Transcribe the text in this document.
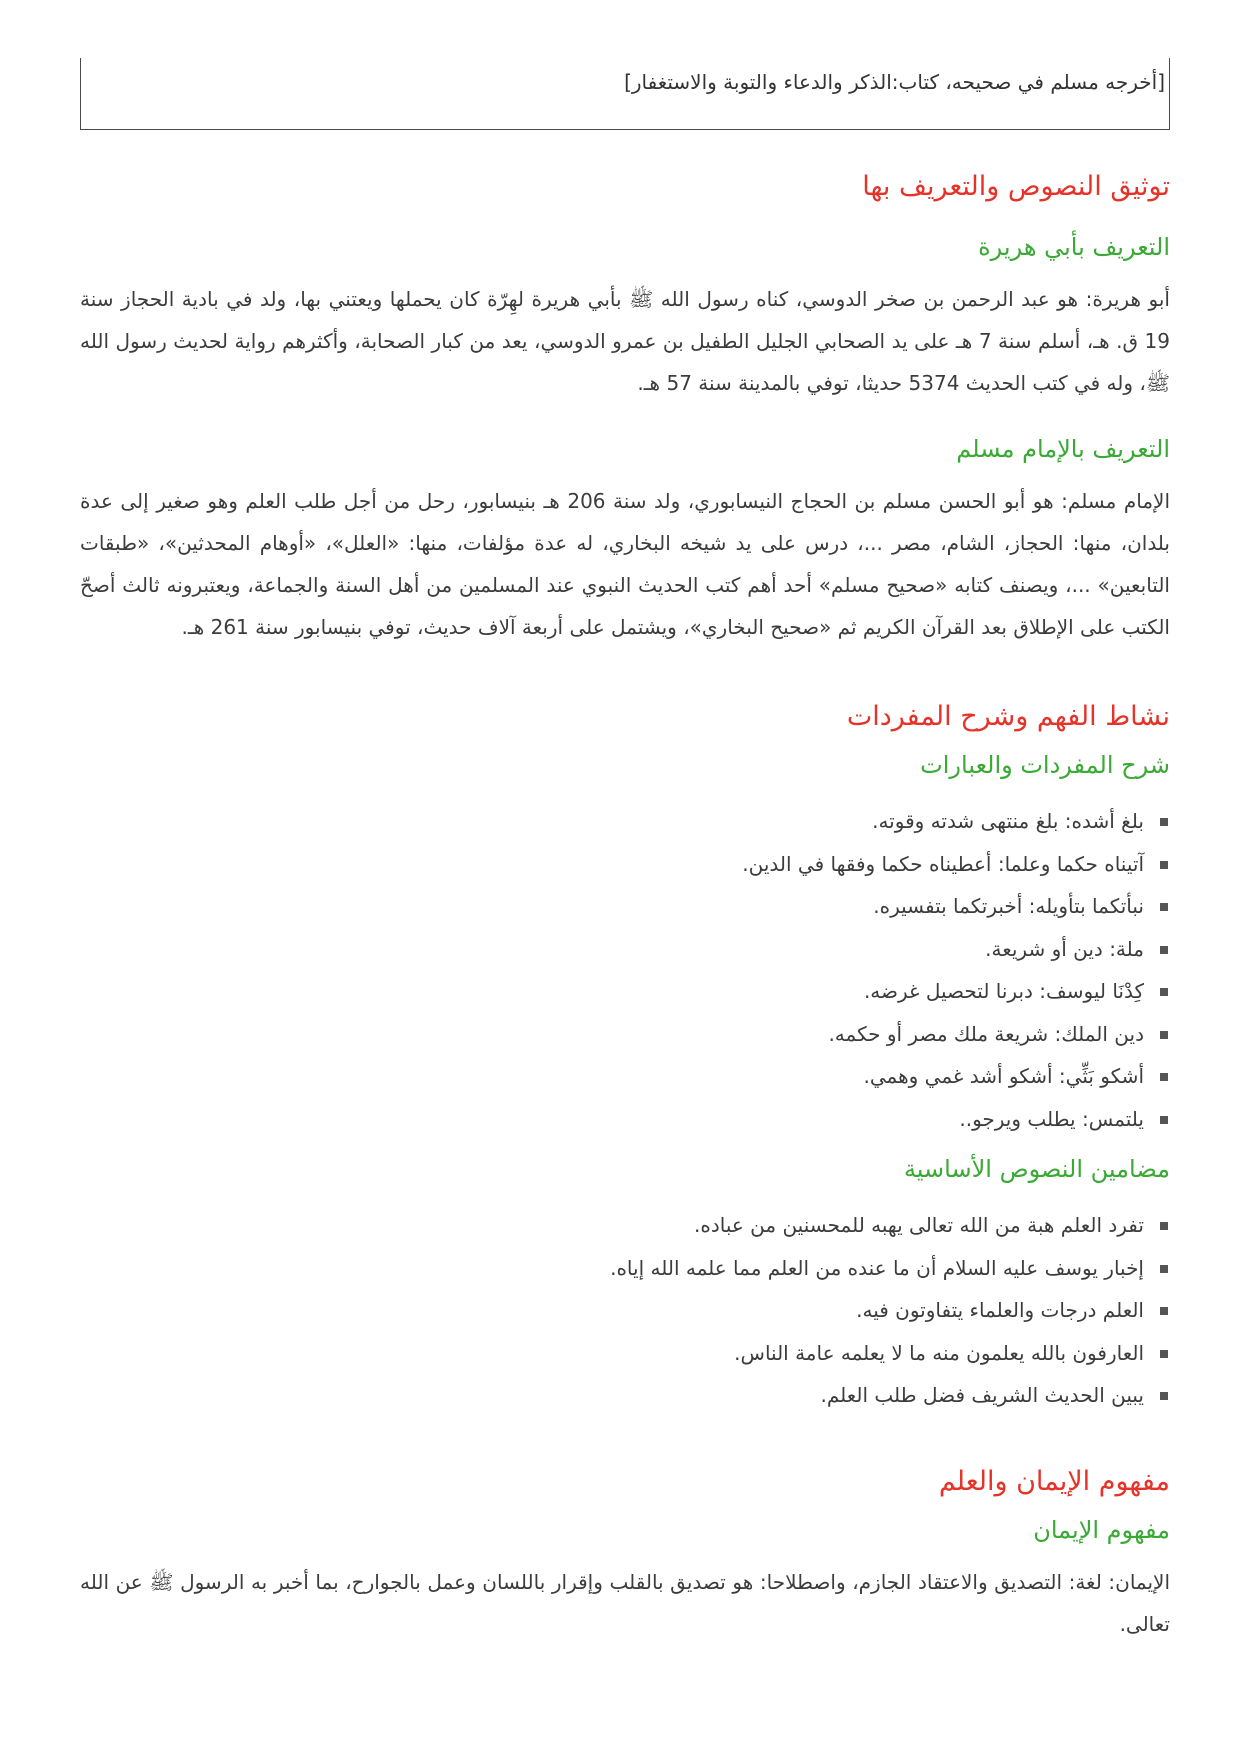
[أخرجه مسلم في صحيحه، كتاب:الذكر والدعاء والتوبة والاستغفار]
توثيق النصوص والتعريف بها
التعريف بأبي هريرة

أبو هريرة: هو عبد الرحمن بن صخر الدوسي، كناه رسول الله ﷺ بأبي هريرة لهِرّة كان يحملها ويعتني بها، ولد في بادية الحجاز سنة 19 ق. هـ، أسلم سنة 7 هـ على يد الصحابي الجليل الطفيل بن عمرو الدوسي، يعد من كبار الصحابة، وأكثرهم رواية لحديث رسول الله ﷺ، وله في كتب الحديث 5374 حديثا، توفي بالمدينة سنة 57 هـ.

التعريف بالإمام مسلم

الإمام مسلم: هو أبو الحسن مسلم بن الحجاج النيسابوري، ولد سنة 206 هـ بنيسابور، رحل من أجل طلب العلم وهو صغير إلى عدة بلدان، منها: الحجاز، الشام، مصر ...، درس على يد شيخه البخاري، له عدة مؤلفات، منها: «العلل»، «أوهام المحدثين»، «طبقات التابعين» ...، ويصنف كتابه «صحيح مسلم» أحد أهم كتب الحديث النبوي عند المسلمين من أهل السنة والجماعة، ويعتبرونه ثالث أصحّ الكتب على الإطلاق بعد القرآن الكريم ثم «صحيح البخاري»، ويشتمل على أربعة آلاف حديث، توفي بنيسابور سنة 261 هـ.

نشاط الفهم وشرح المفردات
شرح المفردات والعبارات
بلغ أشده: بلغ منتهى شدته وقوته.
آتيناه حكما وعلما: أعطيناه حكما وفقها في الدين.
نبأتكما بتأويله: أخبرتكما بتفسيره.
ملة: دين أو شريعة.
كِدْنَا ليوسف: دبرنا لتحصيل غرضه.
دين الملك: شريعة ملك مصر أو حكمه.
أشكو بَثِّي: أشكو أشد غمي وهمي.
يلتمس: يطلب ويرجو..
مضامين النصوص الأساسية
تفرد العلم هبة من الله تعالى يهبه للمحسنين من عباده.
إخبار يوسف عليه السلام أن ما عنده من العلم مما علمه الله إياه.
العلم درجات والعلماء يتفاوتون فيه.
العارفون بالله يعلمون منه ما لا يعلمه عامة الناس.
يبين الحديث الشريف فضل طلب العلم.
مفهوم الإيمان والعلم
مفهوم الإيمان

الإيمان: لغة: التصديق والاعتقاد الجازم، واصطلاحا: هو تصديق بالقلب وإقرار باللسان وعمل بالجوارح، بما أخبر به الرسول ﷺ عن الله تعالى.
